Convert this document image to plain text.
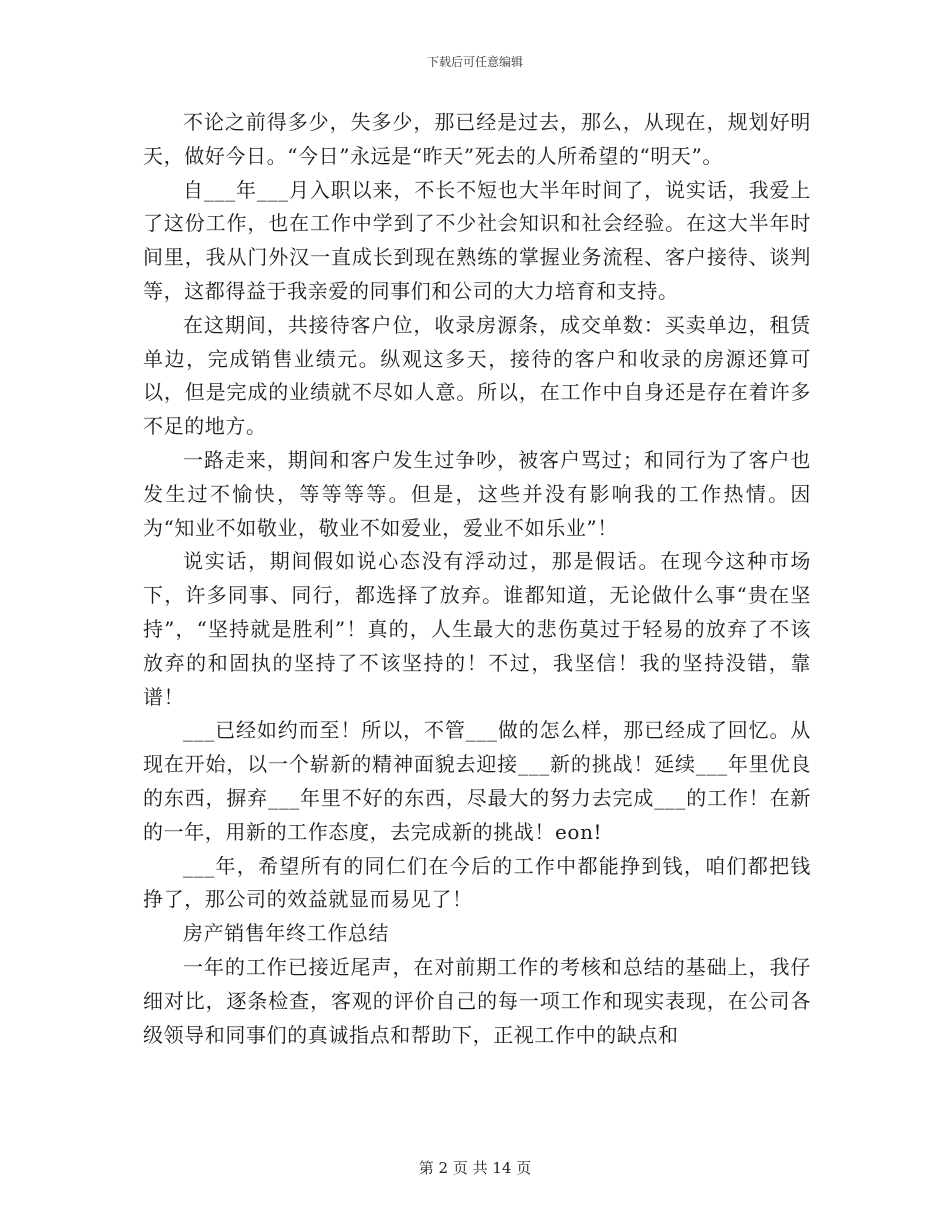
下载后可任意编辑

不论之前得多少，失多少，那已经是过去，那么，从现在，规划好明天，做好今日。“今日”永远是“昨天”死去的人所希望的“明天”。

自___年___月入职以来，不长不短也大半年时间了，说实话，我爱上了这份工作，也在工作中学到了不少社会知识和社会经验。在这大半年时间里，我从门外汉一直成长到现在熟练的掌握业务流程、客户接待、谈判等，这都得益于我亲爱的同事们和公司的大力培育和支持。

在这期间，共接待客户位，收录房源条，成交单数：买卖单边，租赁单边，完成销售业绩元。纵观这多天，接待的客户和收录的房源还算可以，但是完成的业绩就不尽如人意。所以，在工作中自身还是存在着许多不足的地方。

一路走来，期间和客户发生过争吵，被客户骂过；和同行为了客户也发生过不愉快，等等等等。但是，这些并没有影响我的工作热情。因为“知业不如敬业，敬业不如爱业，爱业不如乐业”！

说实话，期间假如说心态没有浮动过，那是假话。在现今这种市场下，许多同事、同行，都选择了放弃。谁都知道，无论做什么事“贵在坚持”，“坚持就是胜利”！真的，人生最大的悲伤莫过于轻易的放弃了不该放弃的和固执的坚持了不该坚持的！不过，我坚信！我的坚持没错，靠谱！

___已经如约而至！所以，不管___做的怎么样，那已经成了回忆。从现在开始，以一个崭新的精神面貌去迎接___新的挑战！延续___年里优良的东西，摒弃___年里不好的东西，尽最大的努力去完成___的工作！在新的一年，用新的工作态度，去完成新的挑战！eon!

___年，希望所有的同仁们在今后的工作中都能挣到钱，咱们都把钱挣了，那公司的效益就显而易见了！

房产销售年终工作总结

一年的工作已接近尾声，在对前期工作的考核和总结的基础上，我仔细对比，逐条检查，客观的评价自己的每一项工作和现实表现，在公司各级领导和同事们的真诚指点和帮助下，正视工作中的缺点和

第 2 页 共 14 页
